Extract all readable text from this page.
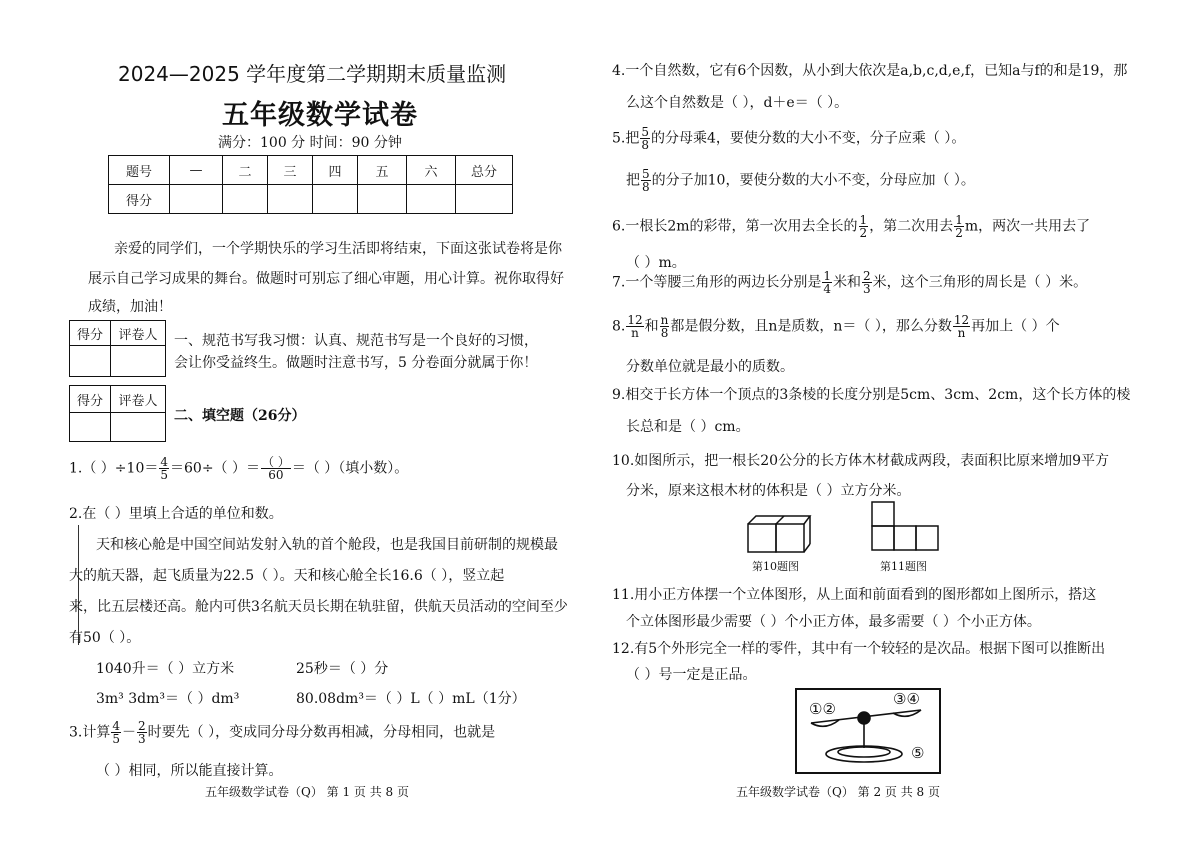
2024—2025 学年度第二学期期末质量监测
五年级数学试卷
满分：100 分 时间：90 分钟
题号	—	二	三	四	五	六	总分
得分							
亲爱的同学们，一个学期快乐的学习生活即将结束，下面这张试卷将是你
展示自己学习成果的舞台。做题时可别忘了细心审题，用心计算。祝你取得好
成绩，加油！
得分	评卷人
	一、规范书写我习惯：认真、规范书写是一个良好的习惯，
会让你受益终生。做题时注意书写，5 分卷面分就属于你！
得分	评卷人

二、填空题（26分）
1.（ ）$\div 10= \frac{4}{5} =60\div$（ ）＝ $\frac{( )}{60}$ ＝（ ）（填小数）。
2.在（ ）里填上合适的单位和数。
天和核心舱是中国空间站发射入轨的首个舱段，也是我国目前研制的规模最
大的航天器，起飞质量为22.5（ ）。天和核心舱全长16.6（ ），竖立起
来，比五层楼还高。舱内可供3名航天员长期在轨驻留，供航天员活动的空间至少
有50（ ）。
1040升＝（ ）立方米	25秒＝（ ）分
3m³ 3dm³＝（ ）dm³	80.08dm³＝（ ）L（ ）mL（1分）
3.计算 $\frac{4}{5} - \frac{2}{3}$ 时要先（ ），变成同分母分数再相减，分母相同，也就是
（ ）相同，所以能直接计算。
五年级数学试卷（Q） 第 1 页 共 8 页
4.一个自然数，它有6个因数，从小到大依次是a,b,c,d,e,f，已知a与f的和是19，那
么这个自然数是（ ），d＋e＝（ ）。
5.把 $\frac{5}{8}$ 的分母乘4，要使分数的大小不变，分子应乘（ ）。
把 $\frac{5}{8}$ 的分子加10，要使分数的大小不变，分母应加（ ）。
6.一根长2m的彩带，第一次用去全长的 $\frac{1}{2}$ ，第二次用去 $\frac{1}{2}$ m，两次一共用去了
（ ）m。
7.一个等腰三角形的两边长分别是 $\frac{1}{4}$ 米和 $\frac{2}{3}$ 米，这个三角形的周长是（ ）米。
8. $\frac{12}{n}$ 和 $\frac{n}{8}$ 都是假分数，且n是质数，n＝（ ），那么分数 $\frac{12}{n}$ 再加上（ ）个
分数单位就是最小的质数。
9.相交于长方体一个顶点的3条棱的长度分别是5cm、3cm、2cm，这个长方体的棱
长总和是（ ）cm。
10.如图所示，把一根长20公分的长方体木材截成两段，表面积比原来增加9平方
分米，原来这根木材的体积是（ ）立方分米。
第10题图	第11题图
11.用小正方体摆一个立体图形，从上面和前面看到的图形都如上图所示，搭这
个立体图形最少需要（ ）个小正方体，最多需要（ ）个小正方体。
12.有5个外形完全一样的零件，其中有一个较轻的是次品。根据下图可以推断出
（ ）号一定是正品。
①②
③④
⑤
五年级数学试卷（Q） 第 2 页 共 8 页
